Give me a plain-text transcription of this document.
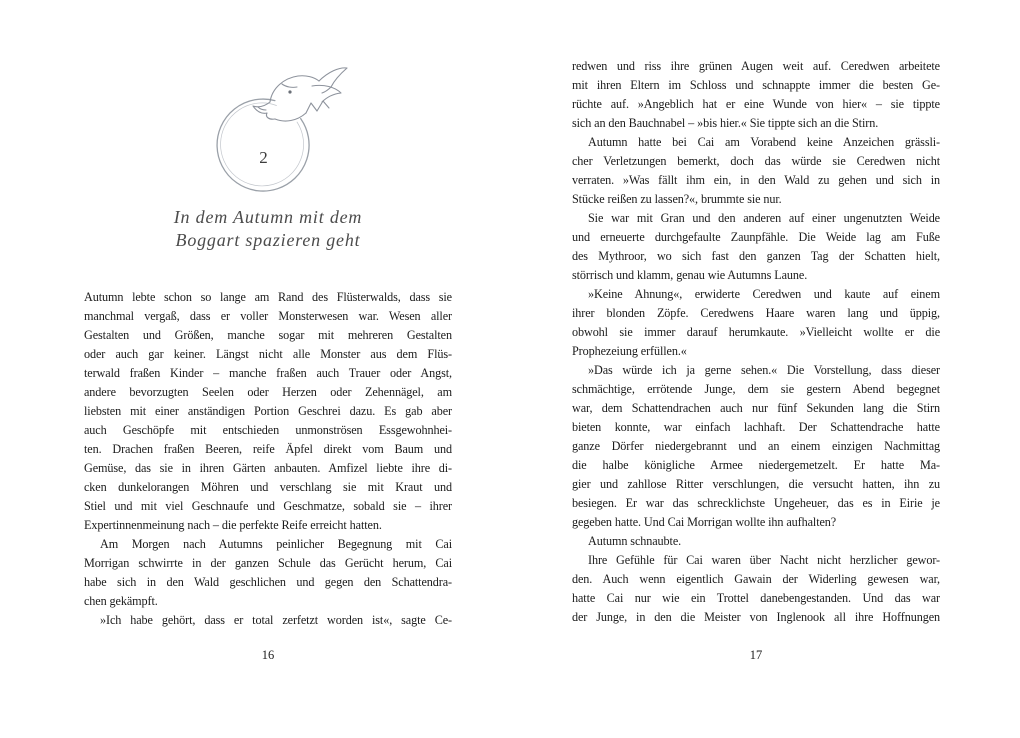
2
In dem Autumn mit dem
Boggart spazieren geht
Autumn lebte schon so lange am Rand des Flüsterwalds, dass sie
manchmal vergaß, dass er voller Monsterwesen war. Wesen aller
Gestalten und Größen, manche sogar mit mehreren Gestalten
oder auch gar keiner. Längst nicht alle Monster aus dem Flüs-
terwald fraßen Kinder – manche fraßen auch Trauer oder Angst,
andere bevorzugten Seelen oder Herzen oder Zehennägel, am
liebsten mit einer anständigen Portion Geschrei dazu. Es gab aber
auch Geschöpfe mit entschieden unmonströsen Essgewohnhei-
ten. Drachen fraßen Beeren, reife Äpfel direkt vom Baum und
Gemüse, das sie in ihren Gärten anbauten. Amfizel liebte ihre di-
cken dunkelorangen Möhren und verschlang sie mit Kraut und
Stiel und mit viel Geschnaufe und Geschmatze, sobald sie – ihrer
Expertinnenmeinung nach – die perfekte Reife erreicht hatten.
Am Morgen nach Autumns peinlicher Begegnung mit Cai
Morrigan schwirrte in der ganzen Schule das Gerücht herum, Cai
habe sich in den Wald geschlichen und gegen den Schattendra-
chen gekämpft.
»Ich habe gehört, dass er total zerfetzt worden ist«, sagte Ce-
redwen und riss ihre grünen Augen weit auf. Ceredwen arbeitete
mit ihren Eltern im Schloss und schnappte immer die besten Ge-
rüchte auf. »Angeblich hat er eine Wunde von hier« – sie tippte
sich an den Bauchnabel – »bis hier.« Sie tippte sich an die Stirn.
Autumn hatte bei Cai am Vorabend keine Anzeichen grässli-
cher Verletzungen bemerkt, doch das würde sie Ceredwen nicht
verraten. »Was fällt ihm ein, in den Wald zu gehen und sich in
Stücke reißen zu lassen?«, brummte sie nur.
Sie war mit Gran und den anderen auf einer ungenutzten Weide
und erneuerte durchgefaulte Zaunpfähle. Die Weide lag am Fuße
des Mythroor, wo sich fast den ganzen Tag der Schatten hielt,
störrisch und klamm, genau wie Autumns Laune.
»Keine Ahnung«, erwiderte Ceredwen und kaute auf einem
ihrer blonden Zöpfe. Ceredwens Haare waren lang und üppig,
obwohl sie immer darauf herumkaute. »Vielleicht wollte er die
Prophezeiung erfüllen.«
»Das würde ich ja gerne sehen.« Die Vorstellung, dass dieser
schmächtige, errötende Junge, dem sie gestern Abend begegnet
war, dem Schattendrachen auch nur fünf Sekunden lang die Stirn
bieten konnte, war einfach lachhaft. Der Schattendrache hatte
ganze Dörfer niedergebrannt und an einem einzigen Nachmittag
die halbe königliche Armee niedergemetzelt. Er hatte Ma-
gier und zahllose Ritter verschlungen, die versucht hatten, ihn zu
besiegen. Er war das schrecklichste Ungeheuer, das es in Eirie je
gegeben hatte. Und Cai Morrigan wollte ihn aufhalten?
Autumn schnaubte.
Ihre Gefühle für Cai waren über Nacht nicht herzlicher gewor-
den. Auch wenn eigentlich Gawain der Widerling gewesen war,
hatte Cai nur wie ein Trottel danebengestanden. Und das war
der Junge, in den die Meister von Inglenook all ihre Hoffnungen
16	17
